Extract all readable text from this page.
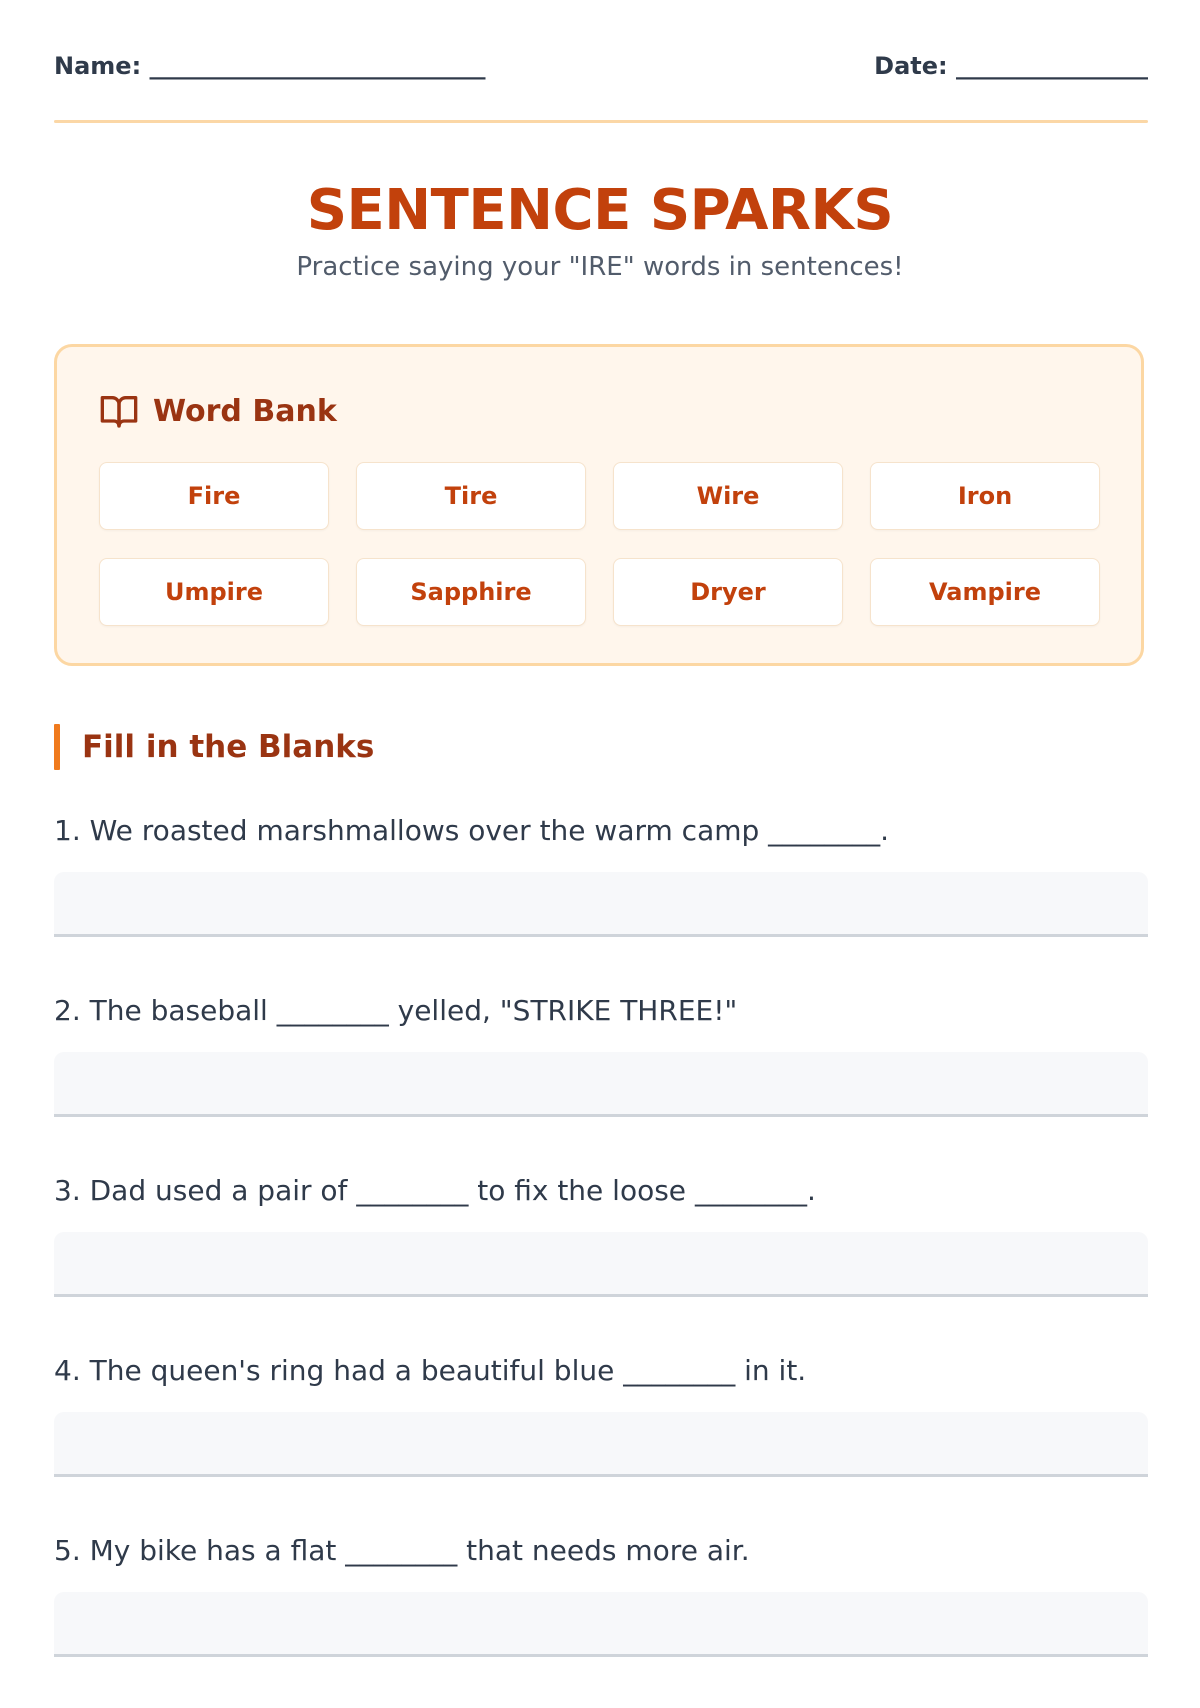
Name: ____________________________	Date: ________________
SENTENCE SPARKS
Practice saying your "IRE" words in sentences!
Word Bank
Fire	Tire	Wire	Iron
Umpire	Sapphire	Dryer	Vampire
Fill in the Blanks
1. We roasted marshmallows over the warm camp ________.
2. The baseball ________ yelled, "STRIKE THREE!"
3. Dad used a pair of ________ to fix the loose ________.
4. The queen's ring had a beautiful blue ________ in it.
5. My bike has a flat ________ that needs more air.
